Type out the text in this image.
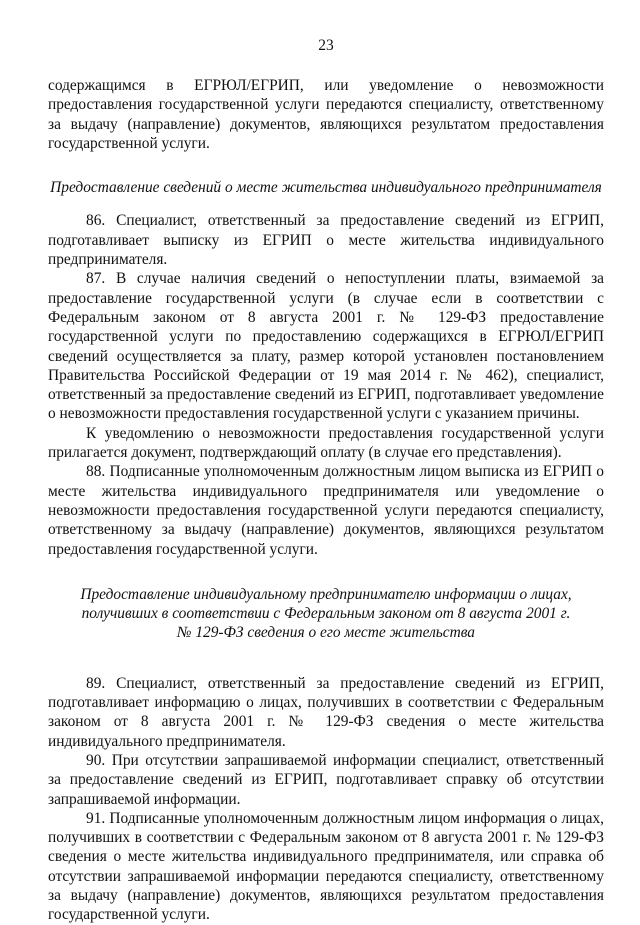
23

содержащимся в ЕГРЮЛ/ЕГРИП, или уведомление о невозможности предоставления государственной услуги передаются специалисту, ответственному за выдачу (направление) документов, являющихся результатом предоставления государственной услуги.

Предоставление сведений о месте жительства индивидуального предпринимателя

86. Специалист, ответственный за предоставление сведений из ЕГРИП, подготавливает выписку из ЕГРИП о месте жительства индивидуального предпринимателя.

87. В случае наличия сведений о непоступлении платы, взимаемой за предоставление государственной услуги (в случае если в соответствии с Федеральным законом от 8 августа 2001 г. № 129-ФЗ предоставление государственной услуги по предоставлению содержащихся в ЕГРЮЛ/ЕГРИП сведений осуществляется за плату, размер которой установлен постановлением Правительства Российской Федерации от 19 мая 2014 г. № 462), специалист, ответственный за предоставление сведений из ЕГРИП, подготавливает уведомление о невозможности предоставления государственной услуги с указанием причины.

К уведомлению о невозможности предоставления государственной услуги прилагается документ, подтверждающий оплату (в случае его представления).

88. Подписанные уполномоченным должностным лицом выписка из ЕГРИП о месте жительства индивидуального предпринимателя или уведомление о невозможности предоставления государственной услуги передаются специалисту, ответственному за выдачу (направление) документов, являющихся результатом предоставления государственной услуги.

Предоставление индивидуальному предпринимателю информации о лицах,

получивших в соответствии с Федеральным законом от 8 августа 2001 г.

№ 129-ФЗ сведения о его месте жительства

89. Специалист, ответственный за предоставление сведений из ЕГРИП, подготавливает информацию о лицах, получивших в соответствии с Федеральным законом от 8 августа 2001 г. № 129-ФЗ сведения о месте жительства индивидуального предпринимателя.

90. При отсутствии запрашиваемой информации специалист, ответственный за предоставление сведений из ЕГРИП, подготавливает справку об отсутствии запрашиваемой информации.

91. Подписанные уполномоченным должностным лицом информация о лицах, получивших в соответствии с Федеральным законом от 8 августа 2001 г. № 129-ФЗ сведения о месте жительства индивидуального предпринимателя, или справка об отсутствии запрашиваемой информации передаются специалисту, ответственному за выдачу (направление) документов, являющихся результатом предоставления государственной услуги.
